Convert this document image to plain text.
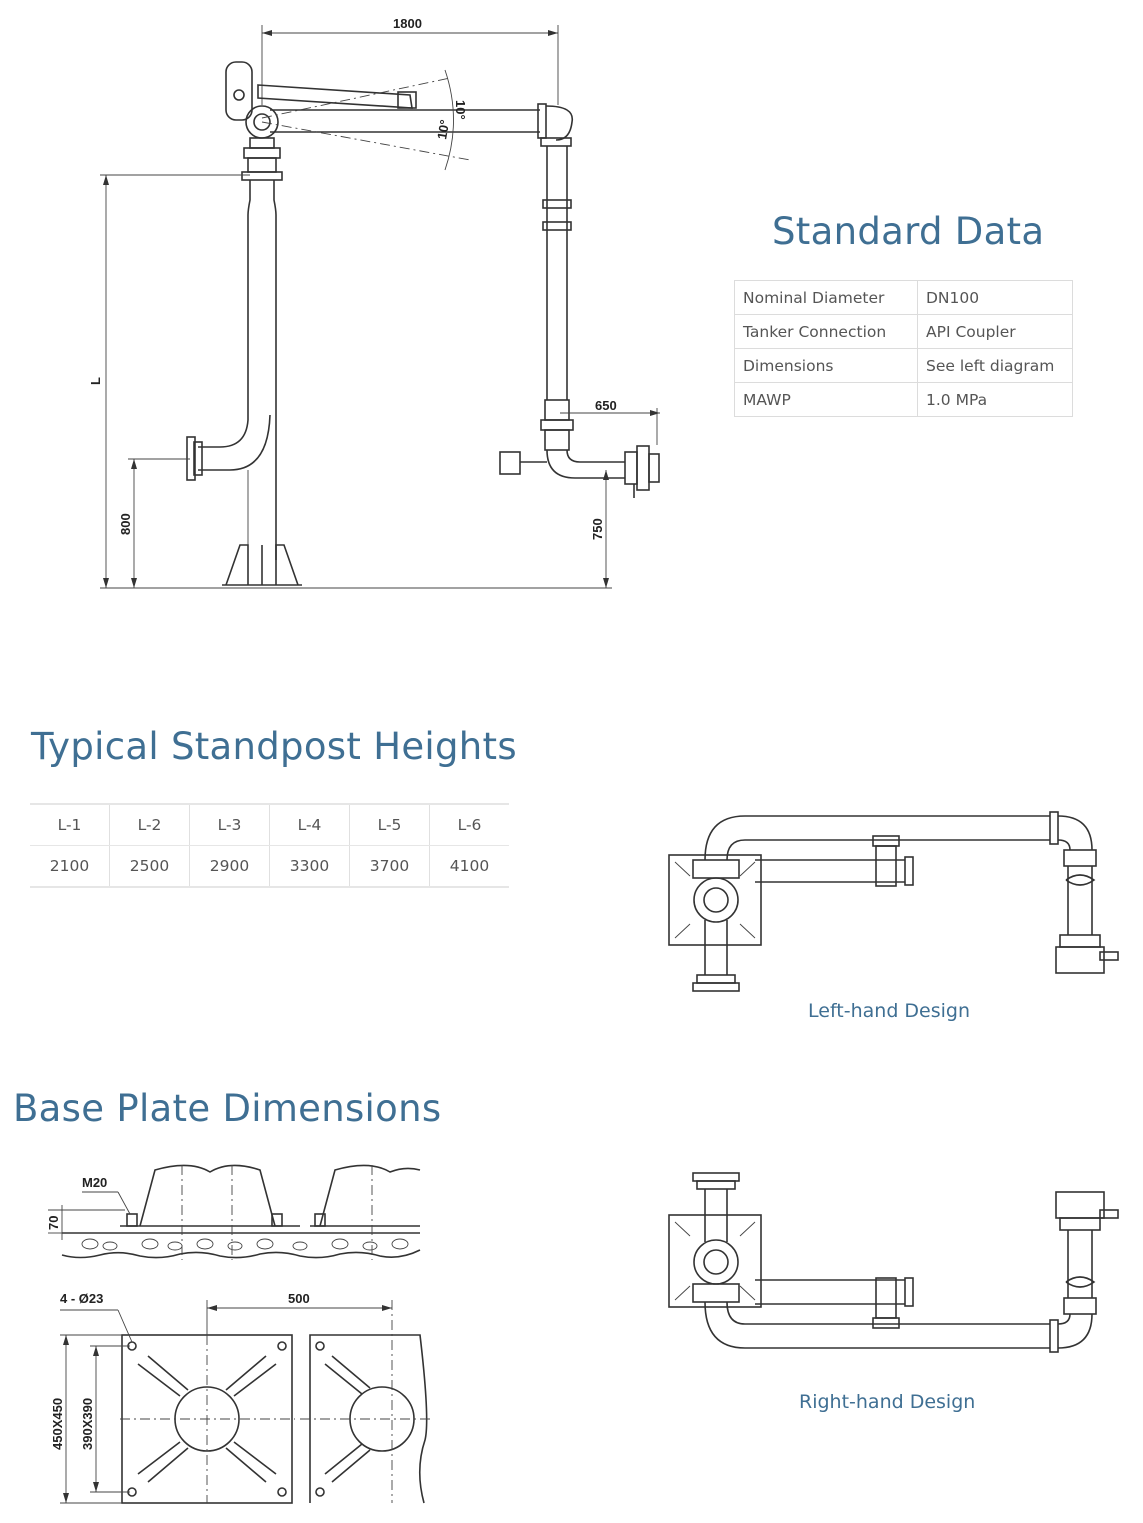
1800
10°
10°
650
L
800	750
M20
70
4 - Ø23	500
450X450 390X390
Standard Data
Nominal Diameter	DN100
Tanker Connection	API Coupler
Dimensions	See left diagram
MAWP	1.0 MPa
Typical Standpost Heights
L-1	L-2	L-3	L-4	L-5	L-6
2100	2500	2900	3300	3700	4100
Left-hand Design
Right-hand Design
Base Plate Dimensions
